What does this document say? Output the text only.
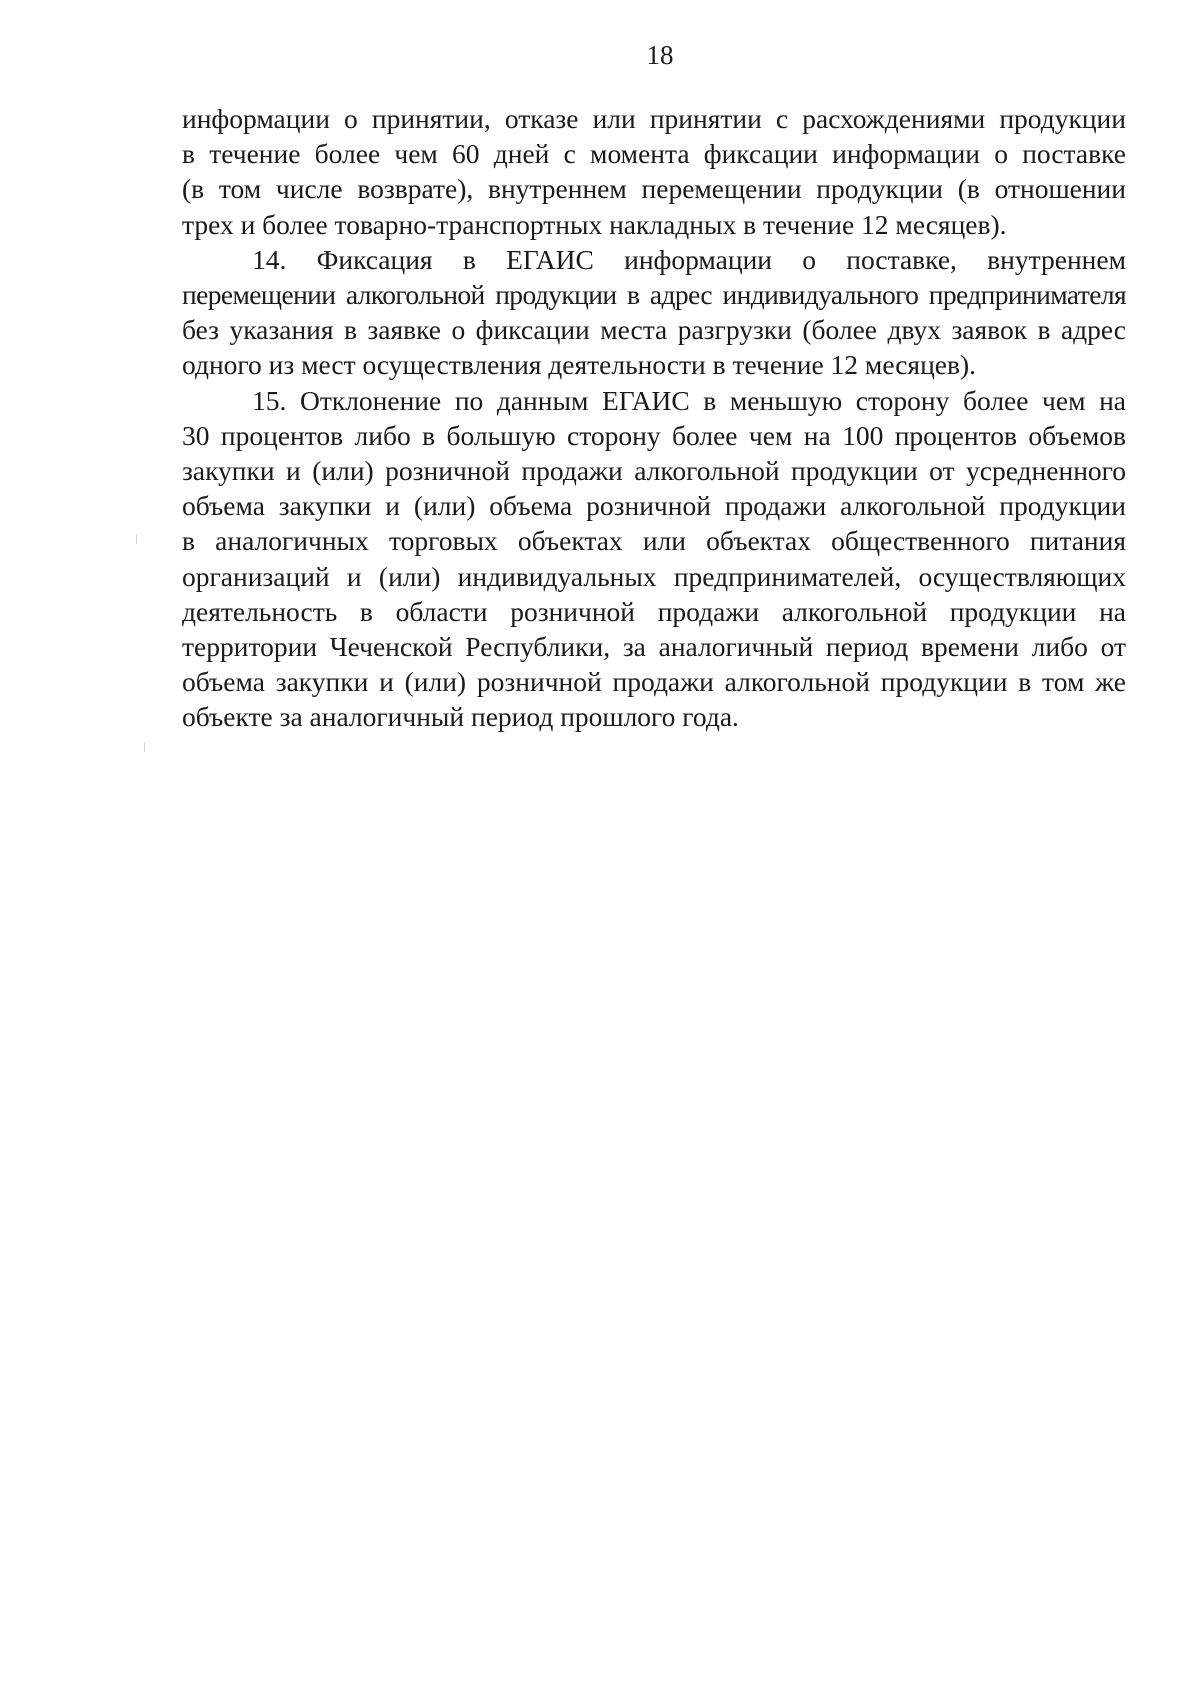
18

информации о принятии, отказе или принятии с расхождениями продукции
в течение более чем 60 дней с момента фиксации информации о поставке
(в том числе возврате), внутреннем перемещении продукции (в отношении
трех и более товарно-транспортных накладных в течение 12 месяцев).

14. Фиксация в ЕГАИС информации о поставке, внутреннем
перемещении алкогольной продукции в адрес индивидуального предпринимателя
без указания в заявке о фиксации места разгрузки (более двух заявок в адрес
одного из мест осуществления деятельности в течение 12 месяцев).

15. Отклонение по данным ЕГАИС в меньшую сторону более чем на
30 процентов либо в большую сторону более чем на 100 процентов объемов
закупки и (или) розничной продажи алкогольной продукции от усредненного
объема закупки и (или) объема розничной продажи алкогольной продукции
в аналогичных торговых объектах или объектах общественного питания
организаций и (или) индивидуальных предпринимателей, осуществляющих
деятельность в области розничной продажи алкогольной продукции на
территории Чеченской Республики, за аналогичный период времени либо от
объема закупки и (или) розничной продажи алкогольной продукции в том же
объекте за аналогичный период прошлого года.
